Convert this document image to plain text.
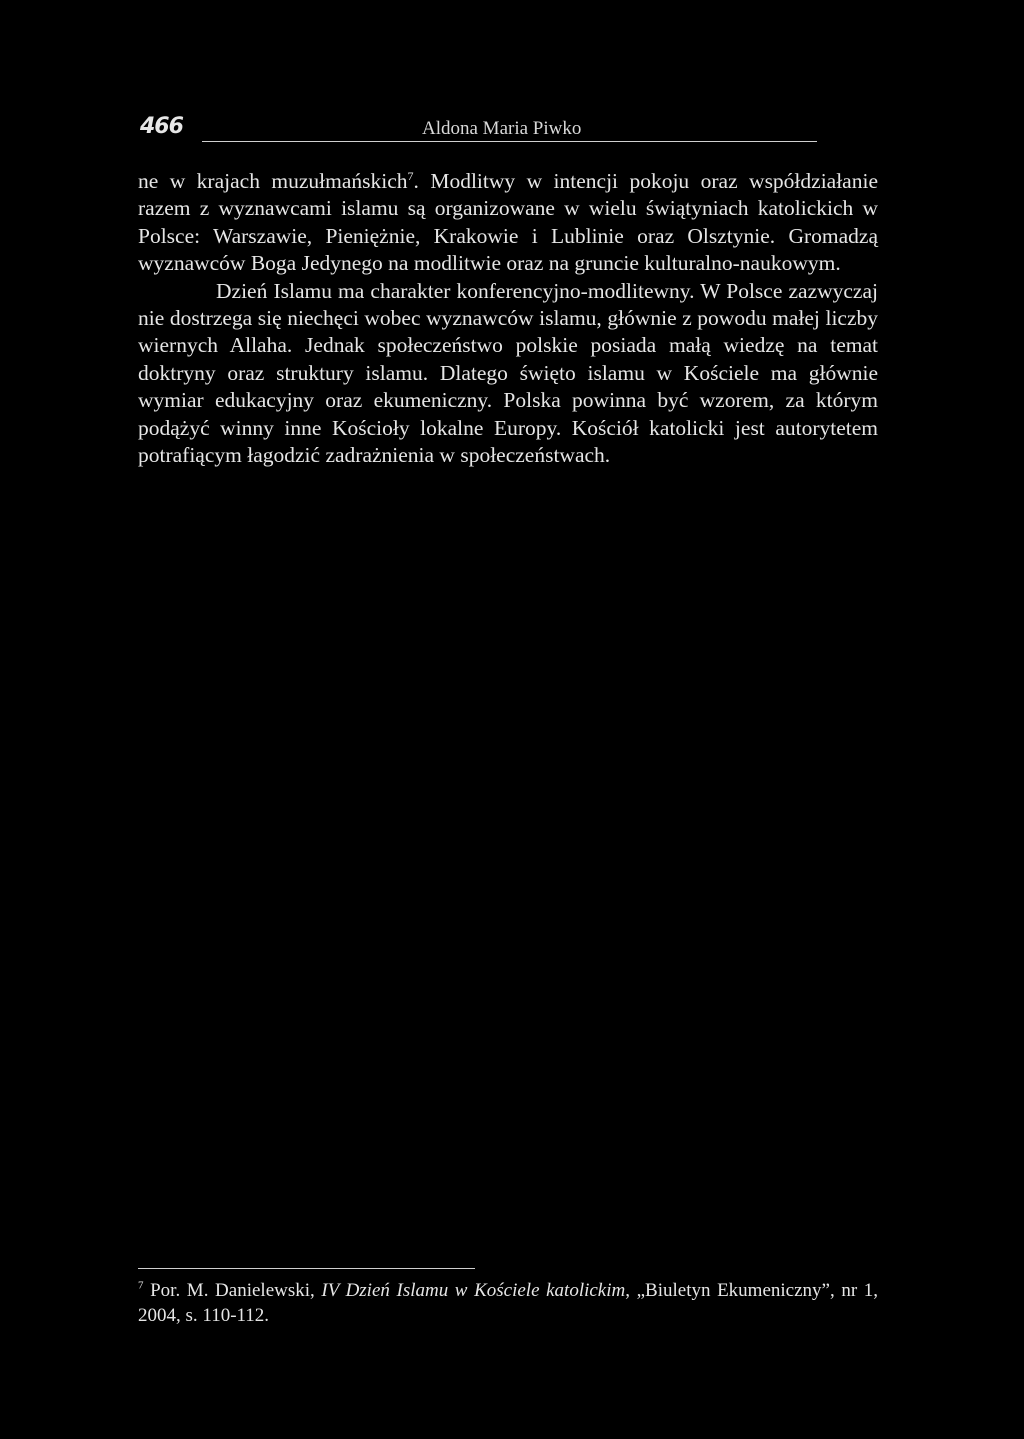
466	Aldona Maria Piwko

ne w krajach muzułmańskich$^7$. Modlitwy w intencji pokoju oraz współdziałanie razem z wyznawcami islamu są organizowane w wielu świątyniach katolickich w Polsce: Warszawie, Pieniężnie, Krakowie i Lublinie oraz Olsztynie. Gromadzą wyznawców Boga Jedynego na modlitwie oraz na gruncie kulturalno-naukowym.

Dzień Islamu ma charakter konferencyjno-modlitewny. W Polsce zazwyczaj nie dostrzega się niechęci wobec wyznawców islamu, głównie z powodu małej liczby wiernych Allaha. Jednak społeczeństwo polskie posiada małą wiedzę na temat doktryny oraz struktury islamu. Dlatego święto islamu w Kościele ma głównie wymiar edukacyjny oraz ekumeniczny. Polska powinna być wzorem, za którym podążyć winny inne Kościoły lokalne Europy. Kościół katolicki jest autorytetem potrafiącym łagodzić zadrażnienia w społeczeństwach.

$^7$ Por. M. Danielewski, IV Dzień Islamu w Kościele katolickim, „Biuletyn Ekumeniczny”, nr 1, 2004, s. 110-112.
